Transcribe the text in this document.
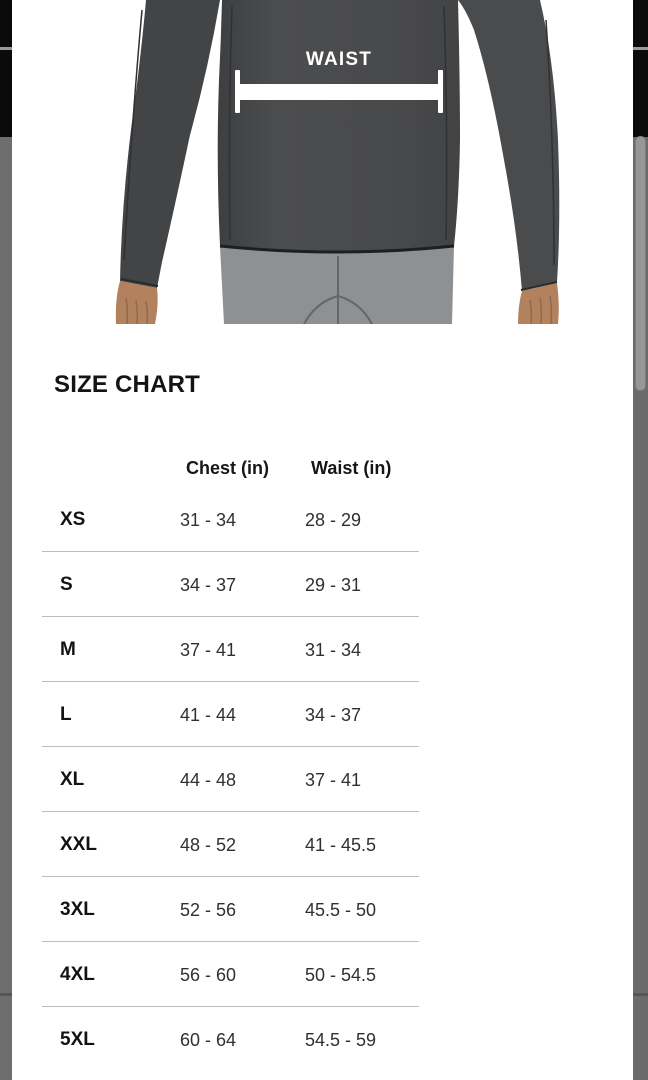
WAIST
SIZE CHART
Chest (in) Waist (in)
XS	31 - 34	28 - 29
S	34 - 37	29 - 31
M	37 - 41	31 - 34
L	41 - 44	34 - 37
XL	44 - 48	37 - 41
XXL	48 - 52	41 - 45.5
3XL	52 - 56	45.5 - 50
4XL	56 - 60	50 - 54.5
5XL	60 - 64	54.5 - 59
